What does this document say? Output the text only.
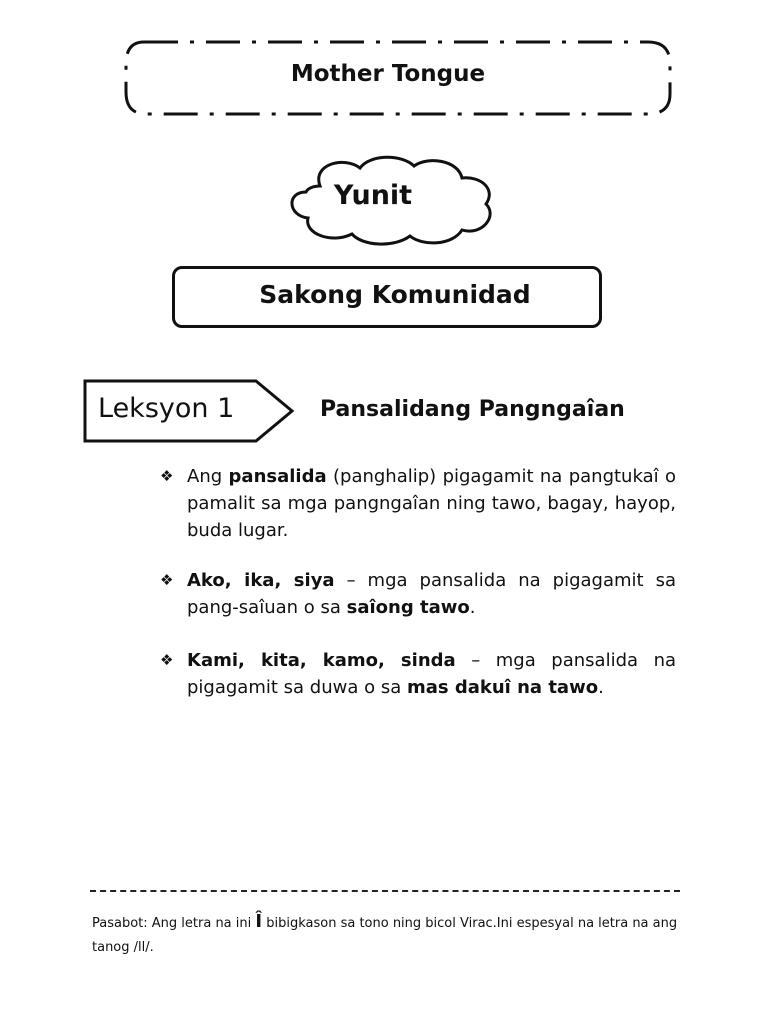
Mother Tongue
Yunit
Sakong Komunidad
Leksyon 1	Pansalidang Pangngaîan
❖ Ang pansalida (panghalip) pigagamit na pangtukaî o pamalit sa mga pangngaîan ning tawo, bagay, hayop, buda lugar.
❖ Ako, ika, siya – mga pansalida na pigagamit sa pang-saîuan o sa saîong tawo.
❖ Kami, kita, kamo, sinda – mga pansalida na pigagamit sa duwa o sa mas dakuî na tawo.
Pasabot: Ang letra na ini Î bibigkason sa tono ning bicol Virac.Ini espesyal na letra na ang tanog /ll/.
